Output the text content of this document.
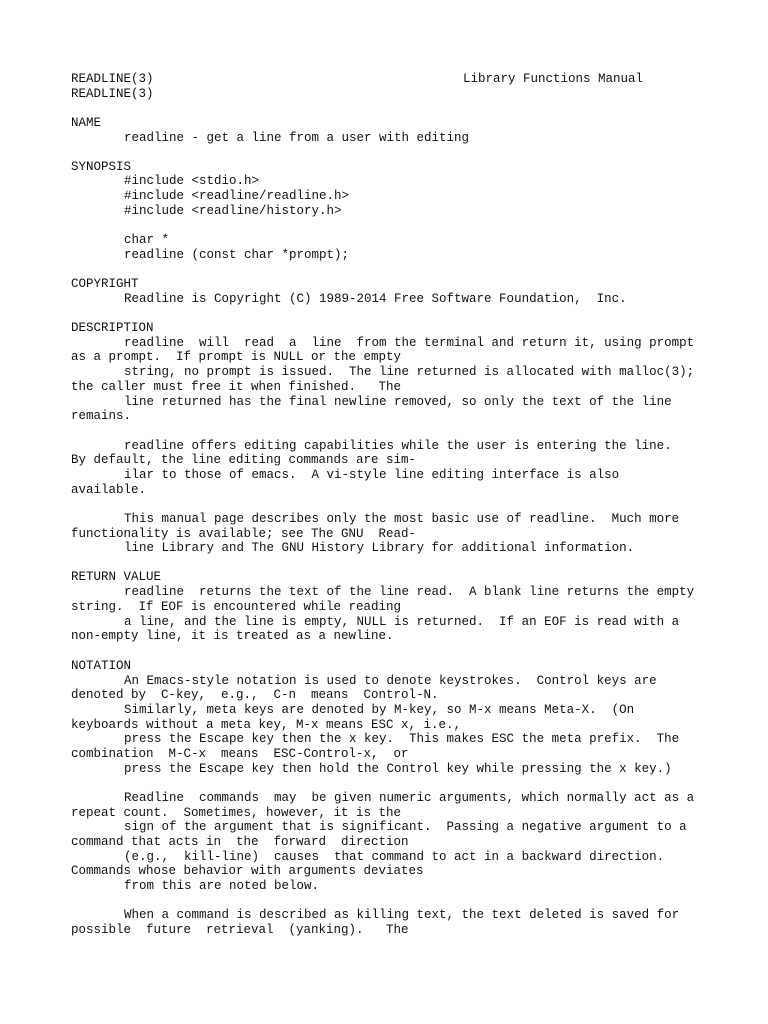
READLINE(3)	Library Functions Manual
READLINE(3)
NAME
readline - get a line from a user with editing
SYNOPSIS
#include <stdio.h>
#include <readline/readline.h>
#include <readline/history.h>
char *
readline (const char *prompt);
COPYRIGHT
Readline is Copyright (C) 1989-2014 Free Software Foundation,  Inc.
DESCRIPTION
readline  will  read  a  line  from the terminal and return it, using prompt
as a prompt.  If prompt is NULL or the empty
string, no prompt is issued.  The line returned is allocated with malloc(3);
the caller must free it when finished.   The
line returned has the final newline removed, so only the text of the line
remains.
readline offers editing capabilities while the user is entering the line.
By default, the line editing commands are sim-
ilar to those of emacs.  A vi-style line editing interface is also
available.
This manual page describes only the most basic use of readline.  Much more
functionality is available; see The GNU  Read-
line Library and The GNU History Library for additional information.
RETURN VALUE
readline  returns the text of the line read.  A blank line returns the empty
string.  If EOF is encountered while reading
a line, and the line is empty, NULL is returned.  If an EOF is read with a
non-empty line, it is treated as a newline.
NOTATION
An Emacs-style notation is used to denote keystrokes.  Control keys are
denoted by  C-key,  e.g.,  C-n  means  Control-N.
Similarly, meta keys are denoted by M-key, so M-x means Meta-X.  (On
keyboards without a meta key, M-x means ESC x, i.e.,
press the Escape key then the x key.  This makes ESC the meta prefix.  The
combination  M-C-x  means  ESC-Control-x,  or
press the Escape key then hold the Control key while pressing the x key.)
Readline  commands  may  be given numeric arguments, which normally act as a
repeat count.  Sometimes, however, it is the
sign of the argument that is significant.  Passing a negative argument to a
command that acts in  the  forward  direction
(e.g.,  kill-line)  causes  that command to act in a backward direction.
Commands whose behavior with arguments deviates
from this are noted below.
When a command is described as killing text, the text deleted is saved for
possible  future  retrieval  (yanking).   The
